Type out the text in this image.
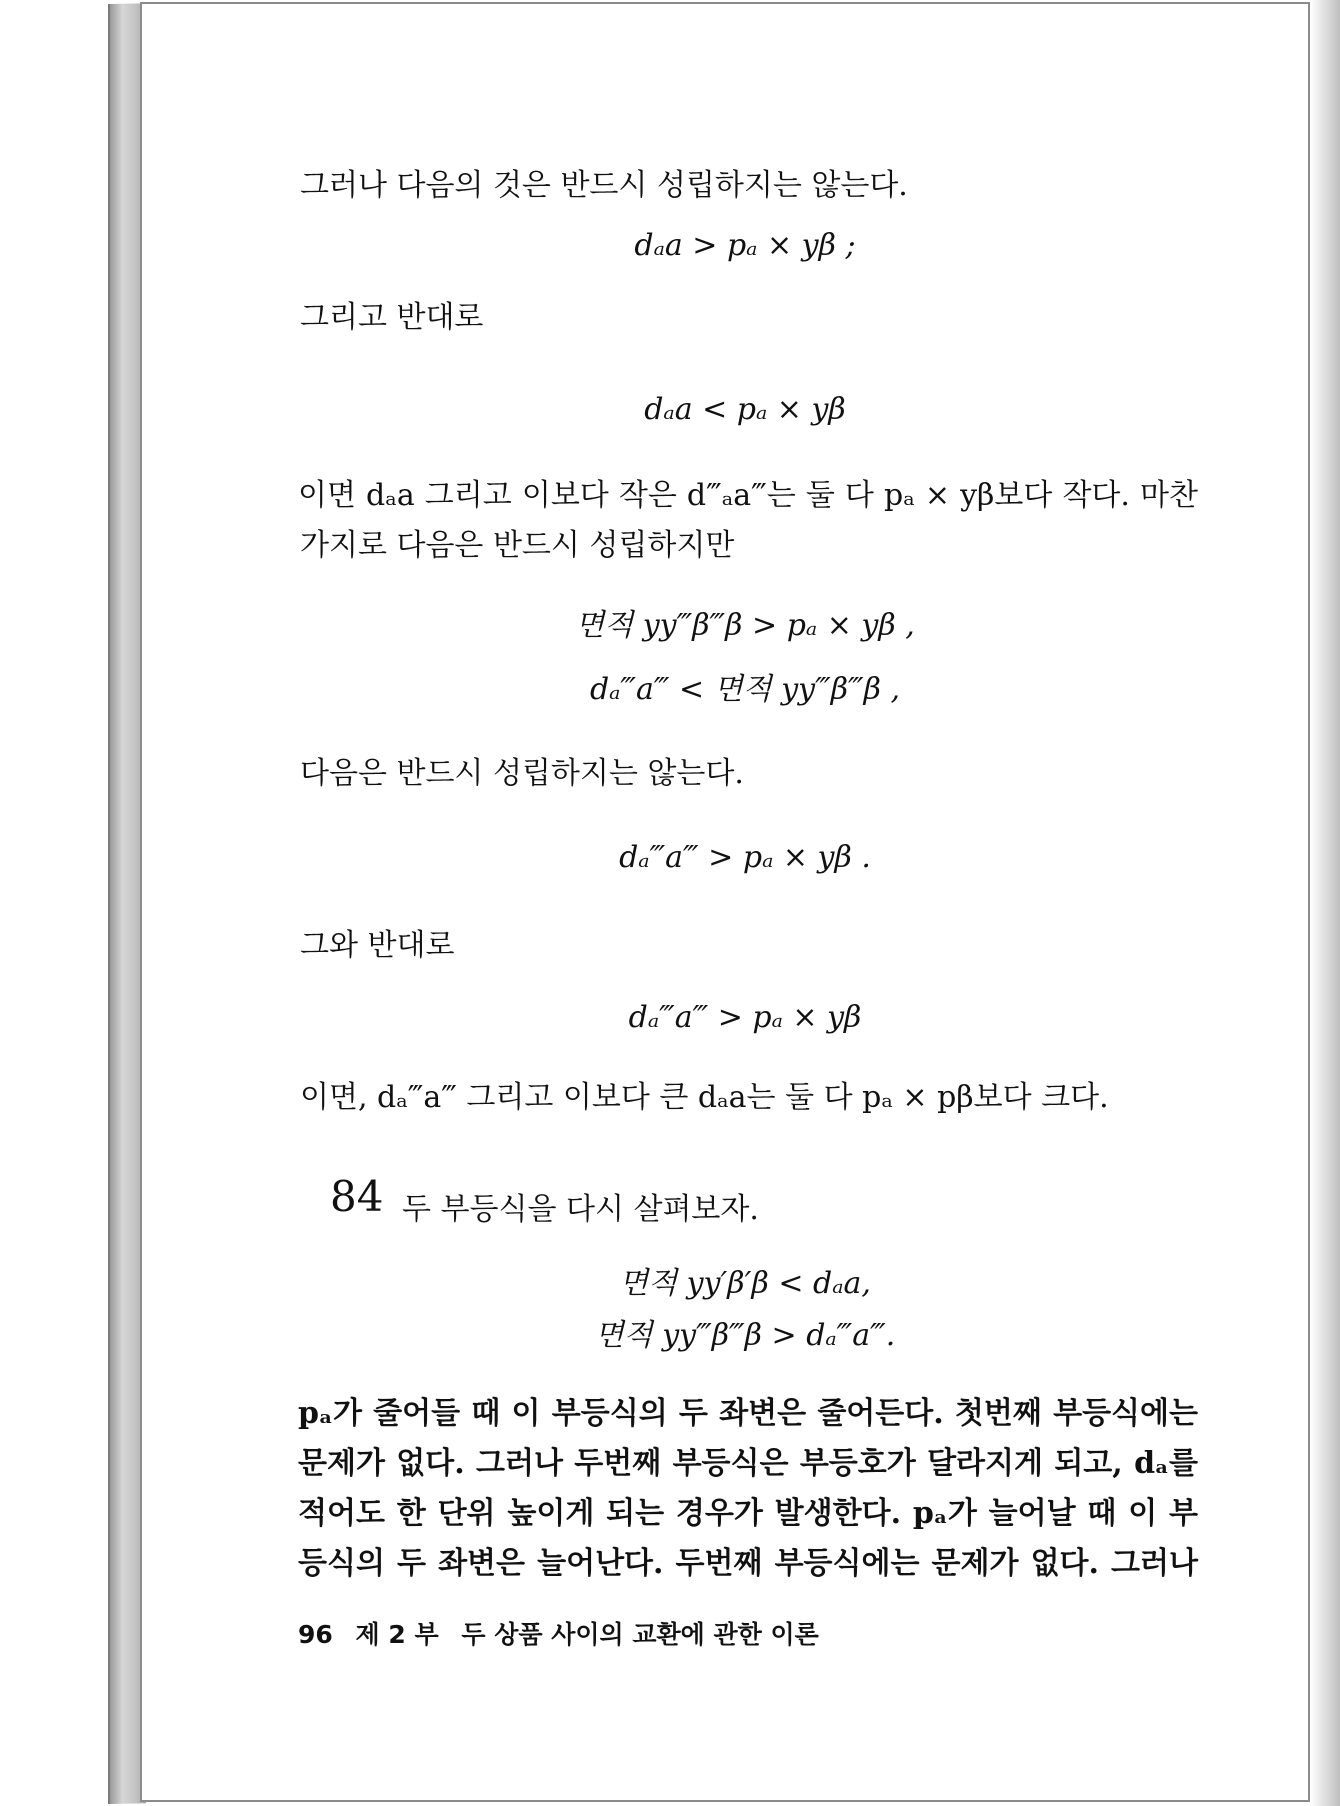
그러나 다음의 것은 반드시 성립하지는 않는다.
dₐa > pₐ × yβ ;
그리고 반대로
dₐa < pₐ × yβ
이면 dₐa 그리고 이보다 작은 d‴ₐa‴는 둘 다 pₐ × yβ보다 작다. 마찬
가지로 다음은 반드시 성립하지만
면적 yy‴β‴β > pₐ × yβ ,
dₐ‴a‴ < 면적 yy‴β‴β ,
다음은 반드시 성립하지는 않는다.
dₐ‴a‴ > pₐ × yβ .
그와 반대로
dₐ‴a‴ > pₐ × yβ
이면, dₐ‴a‴ 그리고 이보다 큰 dₐa는 둘 다 pₐ × pβ보다 크다.
84 두 부등식을 다시 살펴보자.
면적 yy′β′β < dₐa,
면적 yy‴β‴β > dₐ‴a‴.
pₐ가 줄어들 때 이 부등식의 두 좌변은 줄어든다. 첫번째 부등식에는
문제가 없다. 그러나 두번째 부등식은 부등호가 달라지게 되고, dₐ를
적어도 한 단위 높이게 되는 경우가 발생한다. pₐ가 늘어날 때 이 부
등식의 두 좌변은 늘어난다. 두번째 부등식에는 문제가 없다. 그러나
96 제 2 부 두 상품 사이의 교환에 관한 이론
